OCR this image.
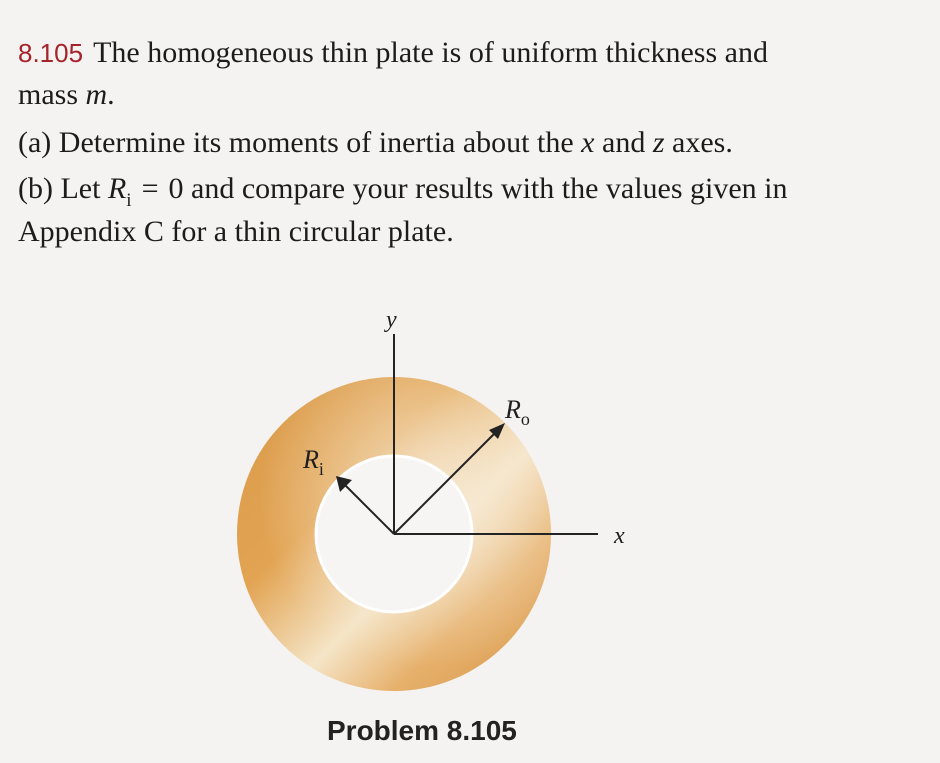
8.105 The homogeneous thin plate is of uniform thickness and
mass m.
(a) Determine its moments of inertia about the x and z axes.
(b) Let $R_i = 0$ and compare your results with the values given in
Appendix C for a thin circular plate.
y
x
$R_o$
$R_i$
Problem 8.105
